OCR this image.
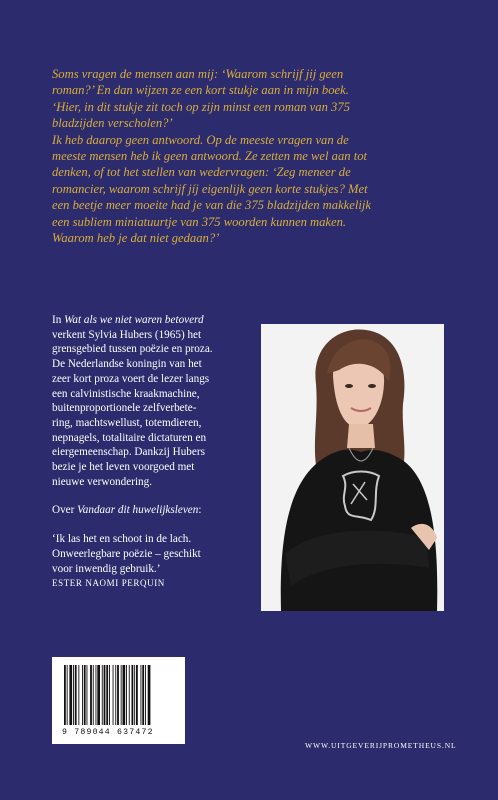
Soms vragen de mensen aan mij: ‘Waarom schrijf jij geen
roman?’ En dan wijzen ze een kort stukje aan in mijn boek.
‘Hier, in dit stukje zit toch op zijn minst een roman van 375
bladzijden verscholen?’
Ik heb daarop geen antwoord. Op de meeste vragen van de
meeste mensen heb ik geen antwoord. Ze zetten me wel aan tot
denken, of tot het stellen van wedervragen: ‘Zeg meneer de
romancier, waarom schrijf jíj eigenlijk geen korte stukjes? Met
een beetje meer moeite had je van die 375 bladzijden makkelijk
een subliem miniatuurtje van 375 woorden kunnen maken.
Waarom heb je dat niet gedaan?’
In Wat als we niet waren betoverd
verkent Sylvia Hubers (1965) het
grensgebied tussen poëzie en proza.
De Nederlandse koningin van het
zeer kort proza voert de lezer langs
een calvinistische kraakmachine,
buitenproportionele zelfverbete-
ring, machtswellust, totemdieren,
nepnagels, totalitaire dictaturen en
eiergemeenschap. Dankzij Hubers
bezie je het leven voorgoed met
nieuwe verwondering.
Over Vandaar dit huwelijksleven:
‘Ik las het en schoot in de lach.
Onweerlegbare poëzie – geschikt
voor inwendig gebruik.’
ESTER NAOMI PERQUIN
9 789044 637472
WWW.UITGEVERIJPROMETHEUS.NL
